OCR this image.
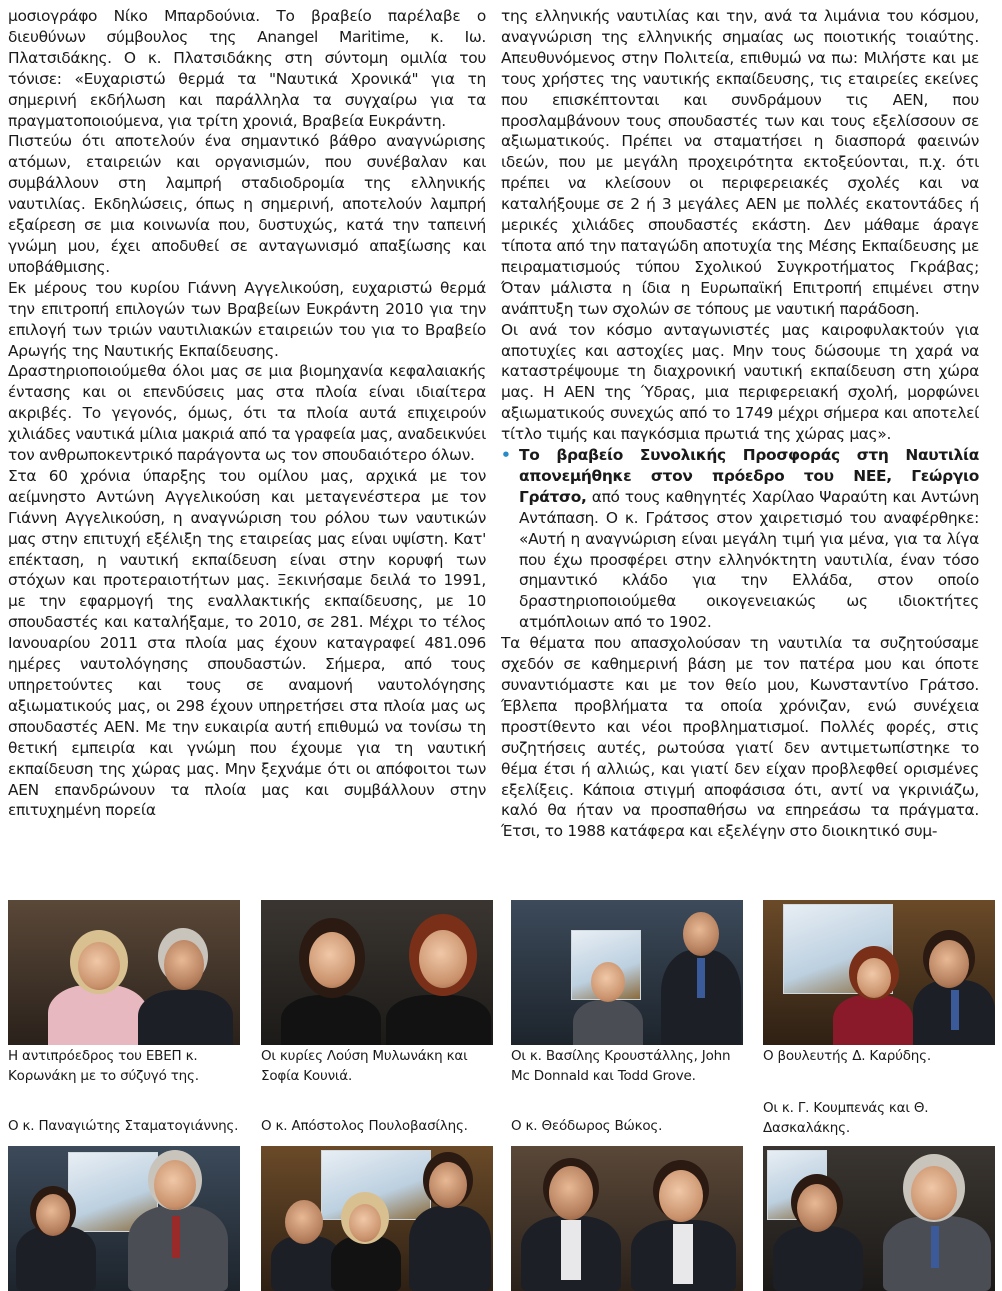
μοσιογράφο Νίκο Μπαρδούνια. Το βραβείο παρέλαβε ο διευθύνων σύμβουλος της Anangel Maritime, κ. Ιω. Πλατσιδάκης. Ο κ. Πλατσιδάκης στη σύντομη ομιλία του τόνισε: «Ευχαριστώ θερμά τα "Ναυτικά Χρονικά" για τη σημερινή εκδήλωση και παράλληλα τα συγχαίρω για τα πραγματοποιούμενα, για τρίτη χρονιά, Βραβεία Ευκράντη.

Πιστεύω ότι αποτελούν ένα σημαντικό βάθρο αναγνώρισης ατόμων, εταιρειών και οργανισμών, που συνέβαλαν και συμβάλλουν στη λαμπρή σταδιοδρομία της ελληνικής ναυτιλίας. Εκδηλώσεις, όπως η σημερινή, αποτελούν λαμπρή εξαίρεση σε μια κοινωνία που, δυστυχώς, κατά την ταπεινή γνώμη μου, έχει αποδυθεί σε ανταγωνισμό απαξίωσης και υποβάθμισης.

Εκ μέρους του κυρίου Γιάννη Αγγελικούση, ευχαριστώ θερμά την επιτροπή επιλογών των Βραβείων Ευκράντη 2010 για την επιλογή των τριών ναυτιλιακών εταιρειών του για το Βραβείο Αρωγής της Ναυτικής Εκπαίδευσης.

Δραστηριοποιούμεθα όλοι μας σε μια βιομηχανία κεφαλαιακής έντασης και οι επενδύσεις μας στα πλοία είναι ιδιαίτερα ακριβές. Το γεγονός, όμως, ότι τα πλοία αυτά επιχειρούν χιλιάδες ναυτικά μίλια μακριά από τα γραφεία μας, αναδεικνύει τον ανθρωποκεντρικό παράγοντα ως τον σπουδαιότερο όλων.

Στα 60 χρόνια ύπαρξης του ομίλου μας, αρχικά με τον αείμνηστο Αντώνη Αγγελικούση και μεταγενέστερα με τον Γιάννη Αγγελικούση, η αναγνώριση του ρόλου των ναυτικών μας στην επιτυχή εξέλιξη της εταιρείας μας είναι υψίστη. Κατ' επέκταση, η ναυτική εκπαίδευση είναι στην κορυφή των στόχων και προτεραιοτήτων μας. Ξεκινήσαμε δειλά το 1991, με την εφαρμογή της εναλλακτικής εκπαίδευσης, με 10 σπουδαστές και καταλήξαμε, το 2010, σε 281. Μέχρι το τέλος Ιανουαρίου 2011 στα πλοία μας έχουν καταγραφεί 481.096 ημέρες ναυτολόγησης σπουδαστών. Σήμερα, από τους υπηρετούντες και τους σε αναμονή ναυτολόγησης αξιωματικούς μας, οι 298 έχουν υπηρετήσει στα πλοία μας ως σπουδαστές ΑΕΝ. Με την ευκαιρία αυτή επιθυμώ να τονίσω τη θετική εμπειρία και γνώμη που έχουμε για τη ναυτική εκπαίδευση της χώρας μας. Μην ξεχνάμε ότι οι απόφοιτοι των ΑΕΝ επανδρώνουν τα πλοία μας και συμβάλλουν στην επιτυχημένη πορεία

της ελληνικής ναυτιλίας και την, ανά τα λιμάνια του κόσμου, αναγνώριση της ελληνικής σημαίας ως ποιοτικής τοιαύτης. Απευθυνόμενος στην Πολιτεία, επιθυμώ να πω: Μιλήστε και με τους χρήστες της ναυτικής εκπαίδευσης, τις εταιρείες εκείνες που επισκέπτονται και συνδράμουν τις ΑΕΝ, που προσλαμβάνουν τους σπουδαστές των και τους εξελίσσουν σε αξιωματικούς. Πρέπει να σταματήσει η διασπορά φαεινών ιδεών, που με μεγάλη προχειρότητα εκτοξεύονται, π.χ. ότι πρέπει να κλείσουν οι περιφερειακές σχολές και να καταλήξουμε σε 2 ή 3 μεγάλες ΑΕΝ με πολλές εκατοντάδες ή μερικές χιλιάδες σπουδαστές εκάστη. Δεν μάθαμε άραγε τίποτα από την παταγώδη αποτυχία της Μέσης Εκπαίδευσης με πειραματισμούς τύπου Σχολικού Συγκροτήματος Γκράβας; Όταν μάλιστα η ίδια η Ευρωπαϊκή Επιτροπή επιμένει στην ανάπτυξη των σχολών σε τόπους με ναυτική παράδοση.

Οι ανά τον κόσμο ανταγωνιστές μας καιροφυλακτούν για αποτυχίες και αστοχίες μας. Μην τους δώσουμε τη χαρά να καταστρέψουμε τη διαχρονική ναυτική εκπαίδευση στη χώρα μας. Η ΑΕΝ της Ύδρας, μια περιφερειακή σχολή, μορφώνει αξιωματικούς συνεχώς από το 1749 μέχρι σήμερα και αποτελεί τίτλο τιμής και παγκόσμια πρωτιά της χώρας μας».

• Το βραβείο Συνολικής Προσφοράς στη Ναυτιλία απονεμήθηκε στον πρόεδρο του ΝΕΕ, Γεώργιο Γράτσο, από τους καθηγητές Χαρίλαο Ψαραύτη και Αντώνη Αντάπαση. Ο κ. Γράτσος στον χαιρετισμό του αναφέρθηκε: «Αυτή η αναγνώριση είναι μεγάλη τιμή για μένα, για τα λίγα που έχω προσφέρει στην ελληνόκτητη ναυτιλία, έναν τόσο σημαντικό κλάδο για την Ελλάδα, στον οποίο δραστηριοποιούμεθα οικογενειακώς ως ιδιοκτήτες ατμόπλοιων από το 1902.

Τα θέματα που απασχολούσαν τη ναυτιλία τα συζητούσαμε σχεδόν σε καθημερινή βάση με τον πατέρα μου και όποτε συναντιόμαστε και με τον θείο μου, Κωνσταντίνο Γράτσο. Έβλεπα προβλήματα τα οποία χρόνιζαν, ενώ συνέχεια προστίθεντο και νέοι προβληματισμοί. Πολλές φορές, στις συζητήσεις αυτές, ρωτούσα γιατί δεν αντιμετωπίστηκε το θέμα έτσι ή αλλιώς, και γιατί δεν είχαν προβλεφθεί ορισμένες εξελίξεις. Κάποια στιγμή αποφάσισα ότι, αντί να γκρινιάζω, καλό θα ήταν να προσπαθήσω να επηρεάσω τα πράγματα. Έτσι, το 1988 κατάφερα και εξελέγην στο διοικητικό συμ-

Η αντιπρόεδρος του ΕΒΕΠ κ. Κορωνάκη με το σύζυγό της.
Οι κυρίες Λούση Μυλωνάκη και Σοφία Κουνιά.
Οι κ. Βασίλης Κρουστάλλης, John Mc Donnald και Todd Grove.
Ο βουλευτής Δ. Καρύδης.
Ο κ. Παναγιώτης Σταματογιάννης.	Ο κ. Απόστολος Πουλοβασίλης.	Ο κ. Θεόδωρος Βώκος.
Οι κ. Γ. Κουμπενάς και Θ. Δασκαλάκης.
